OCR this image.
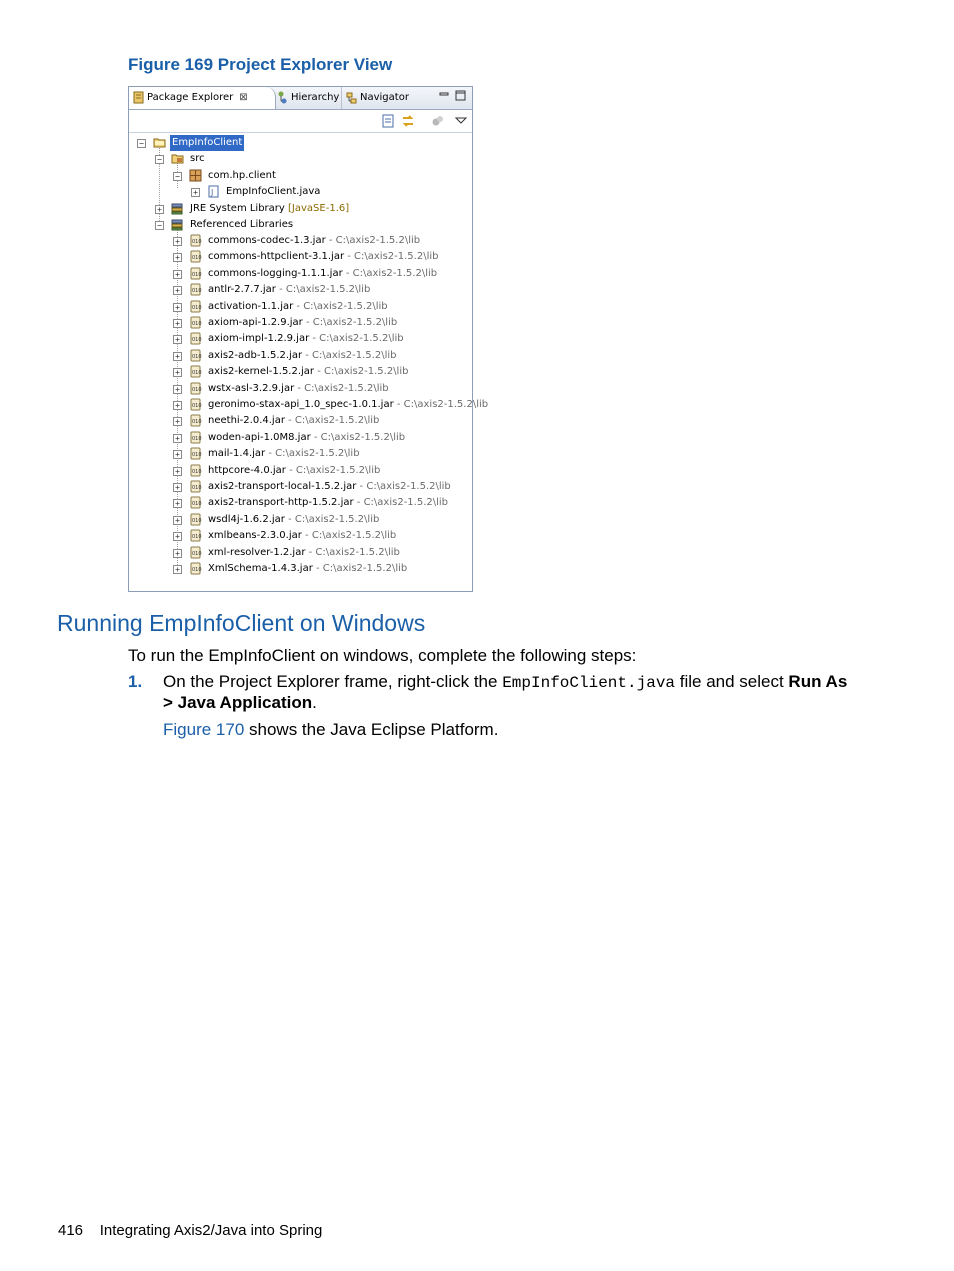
Figure 169 Project Explorer View
Package Explorer ⊠	Hierarchy	Navigator
−	EmpInfoClient
−	src
−	com.hp.client
+ J EmpInfoClient.java
+	JRE System Library [JavaSE-1.6]
−	Referenced Libraries
+	010 commons-codec-1.3.jar - C:\axis2-1.5.2\lib
+	010 commons-httpclient-3.1.jar - C:\axis2-1.5.2\lib
+	010 commons-logging-1.1.1.jar - C:\axis2-1.5.2\lib
+	010 antlr-2.7.7.jar - C:\axis2-1.5.2\lib
+	010 activation-1.1.jar - C:\axis2-1.5.2\lib
+	010 axiom-api-1.2.9.jar - C:\axis2-1.5.2\lib
+	010 axiom-impl-1.2.9.jar - C:\axis2-1.5.2\lib
+	010 axis2-adb-1.5.2.jar - C:\axis2-1.5.2\lib
+	010 axis2-kernel-1.5.2.jar - C:\axis2-1.5.2\lib
+	010 wstx-asl-3.2.9.jar - C:\axis2-1.5.2\lib
+	010 geronimo-stax-api_1.0_spec-1.0.1.jar - C:\axis2-1.5.2\lib
+	010 neethi-2.0.4.jar - C:\axis2-1.5.2\lib
+	010 woden-api-1.0M8.jar - C:\axis2-1.5.2\lib
+	010 mail-1.4.jar - C:\axis2-1.5.2\lib
+	010 httpcore-4.0.jar - C:\axis2-1.5.2\lib
+	010 axis2-transport-local-1.5.2.jar - C:\axis2-1.5.2\lib
+	010 axis2-transport-http-1.5.2.jar - C:\axis2-1.5.2\lib
+	010 wsdl4j-1.6.2.jar - C:\axis2-1.5.2\lib
+	010 xmlbeans-2.3.0.jar - C:\axis2-1.5.2\lib
+	010 xml-resolver-1.2.jar - C:\axis2-1.5.2\lib
+	010 XmlSchema-1.4.3.jar - C:\axis2-1.5.2\lib
Running EmpInfoClient on Windows
To run the EmpInfoClient on windows, complete the following steps:
1. On the Project Explorer frame, right-click the EmpInfoClient.java file and select Run As
> Java Application.
Figure 170 shows the Java Eclipse Platform.
416 Integrating Axis2/Java into Spring
